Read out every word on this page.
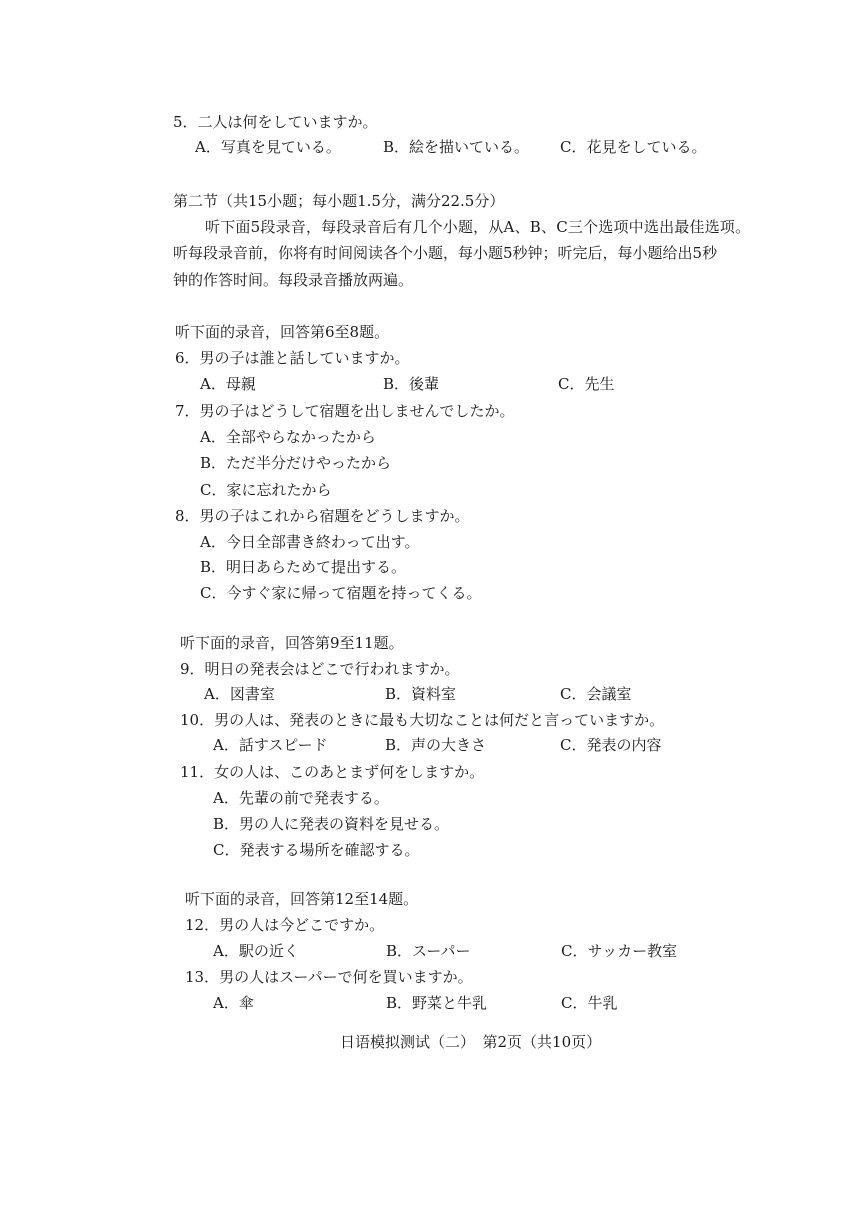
5．二人は何をしていますか。
A．写真を見ている。	B．絵を描いている。 C．花見をしている。
第二节（共15小题；每小题1.5分，满分22.5分）
听下面5段录音，每段录音后有几个小题，从A、B、C三个选项中选出最佳选项。
听每段录音前，你将有时间阅读各个小题，每小题5秒钟；听完后，每小题给出5秒
钟的作答时间。每段录音播放两遍。
听下面的录音，回答第6至8题。
6．男の子は誰と話していますか。
A．母親	B．後輩	C．先生
7．男の子はどうして宿題を出しませんでしたか。
A．全部やらなかったから
B．ただ半分だけやったから
C．家に忘れたから
8．男の子はこれから宿題をどうしますか。
A．今日全部書き終わって出す。
B．明日あらためて提出する。
C．今すぐ家に帰って宿題を持ってくる。
听下面的录音，回答第9至11题。
9．明日の発表会はどこで行われますか。
A．図書室	B．資料室	C．会議室
10．男の人は、発表のときに最も大切なことは何だと言っていますか。
A．話すスピード	B．声の大きさ	C．発表の内容
11．女の人は、このあとまず何をしますか。
A．先輩の前で発表する。
B．男の人に発表の資料を見せる。
C．発表する場所を確認する。
听下面的录音，回答第12至14题。
12．男の人は今どこですか。
A．駅の近く	B．スーパー	C．サッカー教室
13．男の人はスーパーで何を買いますか。
A．傘	B．野菜と牛乳	C．牛乳
日语模拟测试（二）　第2页（共10页）
